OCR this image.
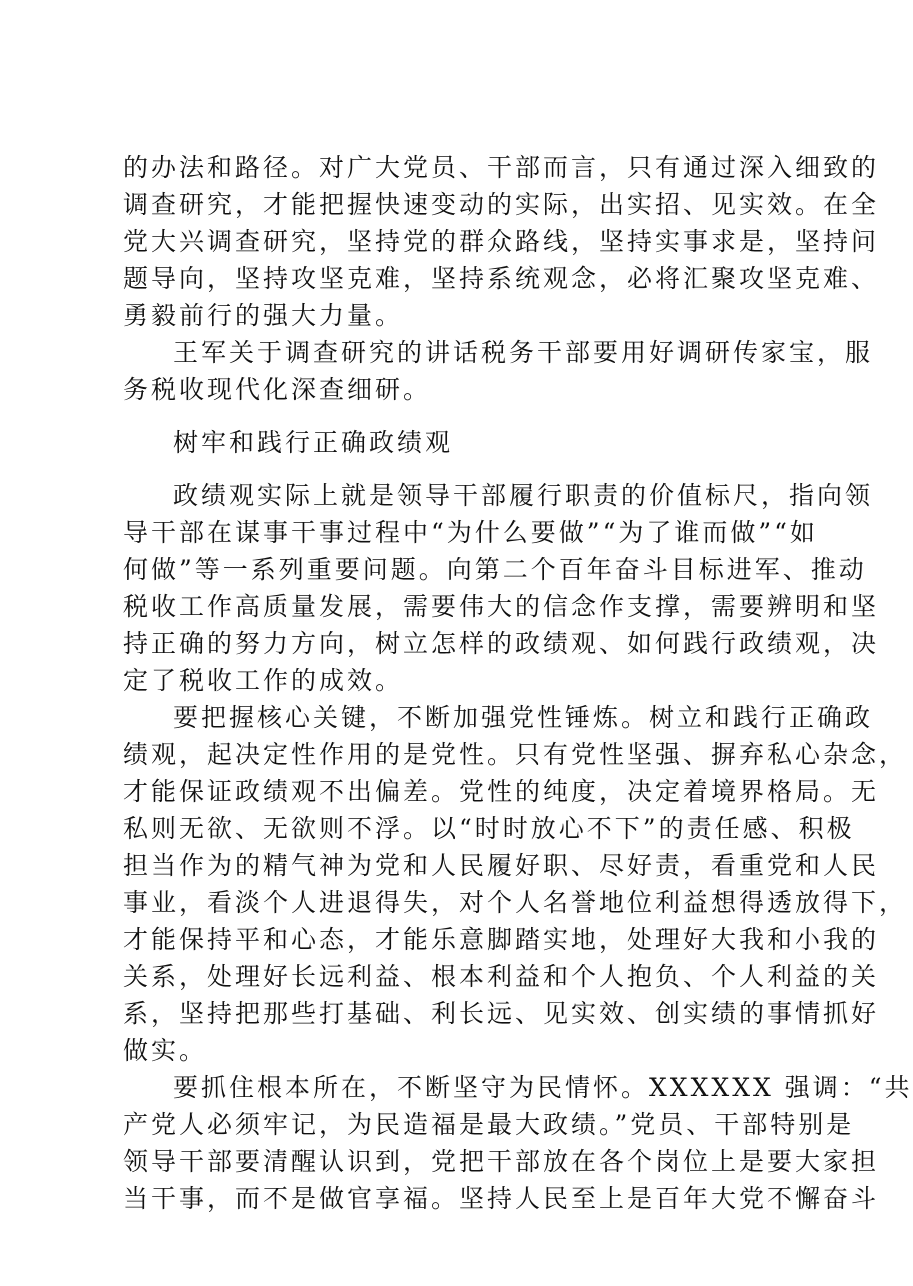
的办法和路径。对广大党员、干部而言，只有通过深入细致的
调查研究，才能把握快速变动的实际，出实招、见实效。在全
党大兴调查研究，坚持党的群众路线，坚持实事求是，坚持问
题导向，坚持攻坚克难，坚持系统观念，必将汇聚攻坚克难、
勇毅前行的强大力量。

王军关于调查研究的讲话税务干部要用好调研传家宝，服
务税收现代化深查细研。

树牢和践行正确政绩观

政绩观实际上就是领导干部履行职责的价值标尺，指向领
导干部在谋事干事过程中“为什么要做”“为了谁而做”“如
何做”等一系列重要问题。向第二个百年奋斗目标进军、推动
税收工作高质量发展，需要伟大的信念作支撑，需要辨明和坚
持正确的努力方向，树立怎样的政绩观、如何践行政绩观，决
定了税收工作的成效。

要把握核心关键，不断加强党性锤炼。树立和践行正确政
绩观，起决定性作用的是党性。只有党性坚强、摒弃私心杂念，
才能保证政绩观不出偏差。党性的纯度，决定着境界格局。无
私则无欲、无欲则不浮。以“时时放心不下”的责任感、积极
担当作为的精气神为党和人民履好职、尽好责，看重党和人民
事业，看淡个人进退得失，对个人名誉地位利益想得透放得下，
才能保持平和心态，才能乐意脚踏实地，处理好大我和小我的
关系，处理好长远利益、根本利益和个人抱负、个人利益的关
系，坚持把那些打基础、利长远、见实效、创实绩的事情抓好
做实。

要抓住根本所在，不断坚守为民情怀。XXXXXX 强调：“共
产党人必须牢记，为民造福是最大政绩。”党员、干部特别是
领导干部要清醒认识到，党把干部放在各个岗位上是要大家担
当干事，而不是做官享福。坚持人民至上是百年大党不懈奋斗
